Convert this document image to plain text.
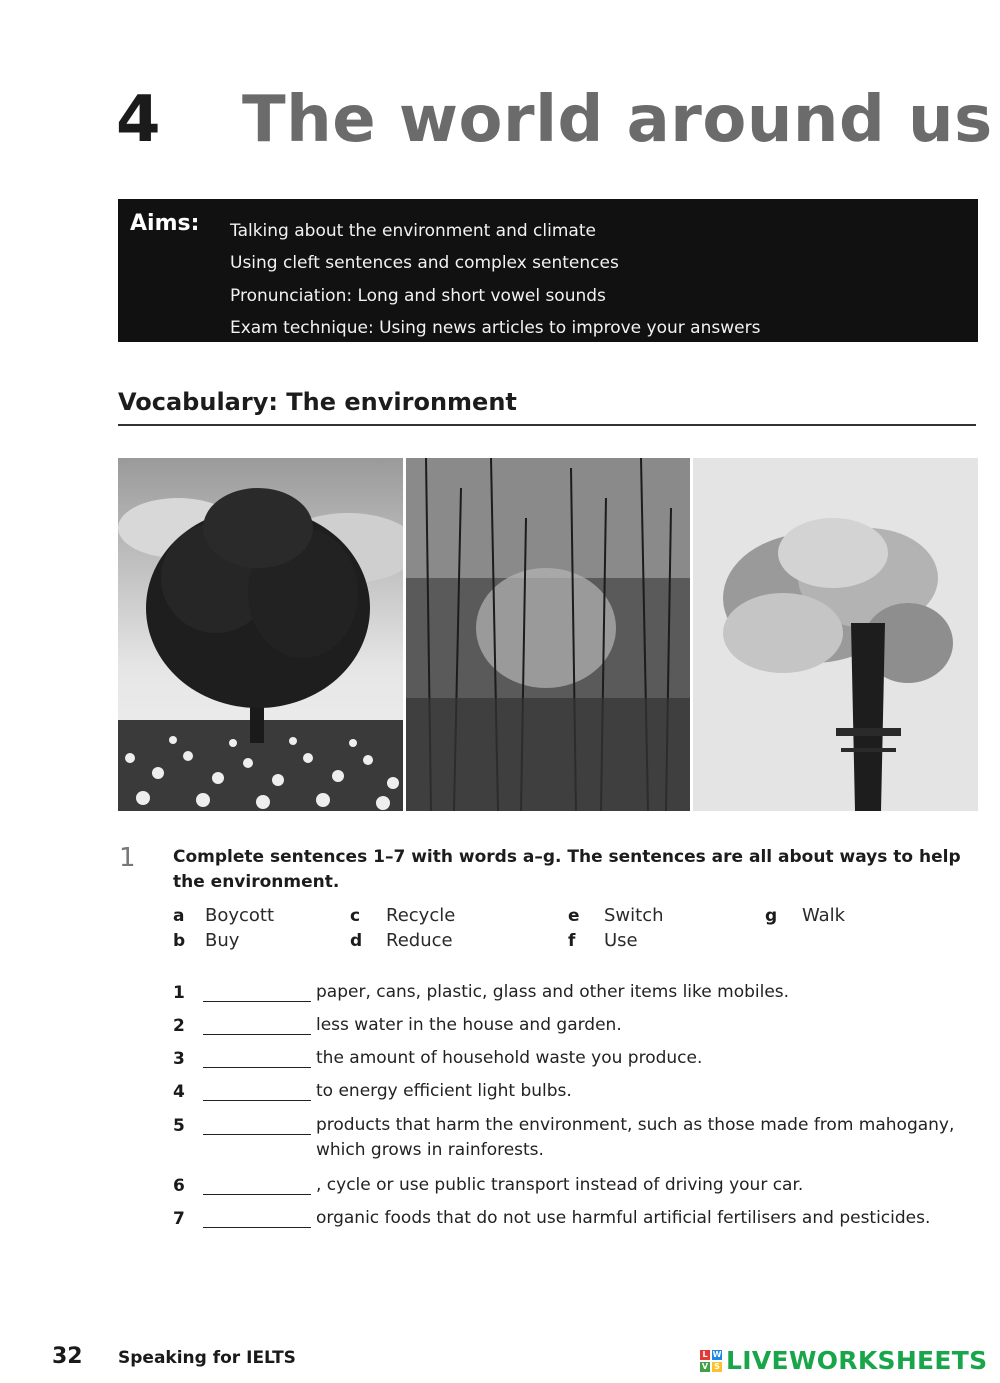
4 The world around us
Aims: Talking about the environment and climate
Using cleft sentences and complex sentences
Pronunciation: Long and short vowel sounds
Exam technique: Using news articles to improve your answers
Vocabulary: The environment
1 Complete sentences 1–7 with words a–g. The sentences are all about ways to help the environment.
a Boycott
b Buy
c Recycle
d Reduce
e Switch
f Use
g Walk
1	paper, cans, plastic, glass and other items like mobiles.
2	less water in the house and garden.
3	the amount of household waste you produce.
4	to energy efficient light bulbs.
5	products that harm the environment, such as those made from mahogany, which grows in rainforests.
6	, cycle or use public transport instead of driving your car.
7	organic foods that do not use harmful artificial fertilisers and pesticides.
32 Speaking for IELTS	L W
V S LIVEWORKSHEETS
